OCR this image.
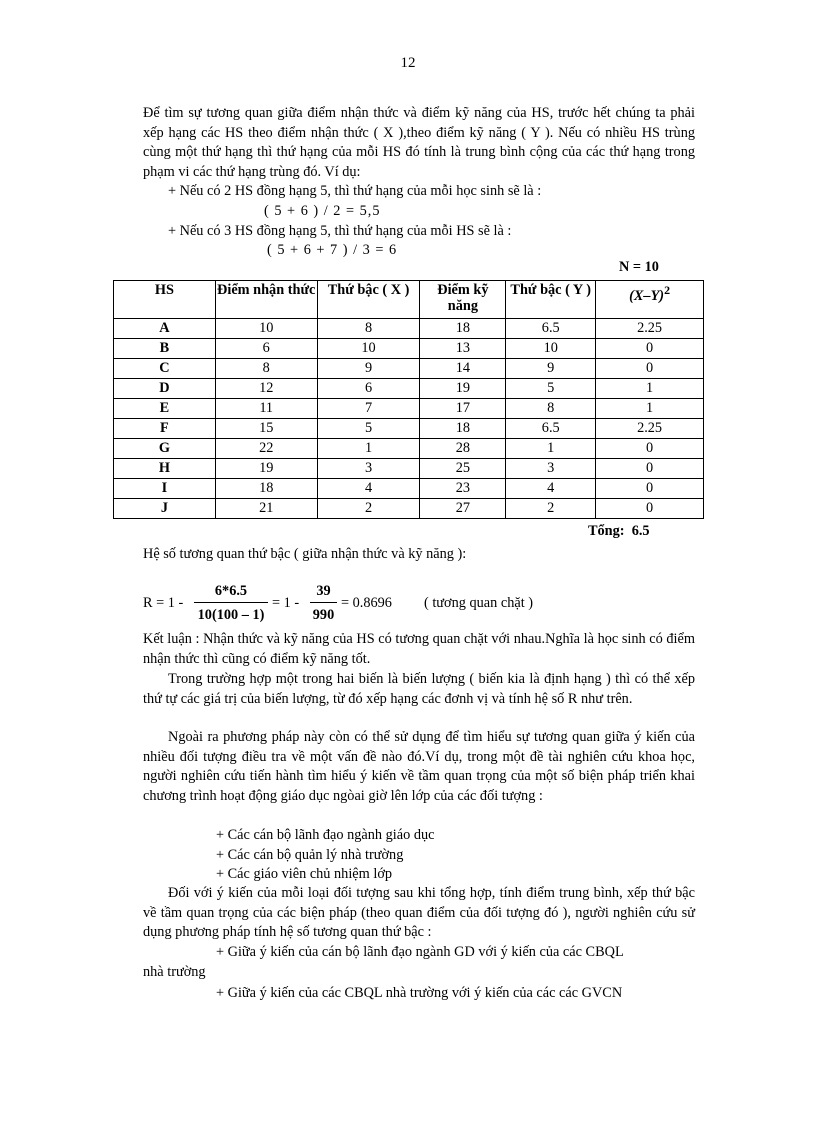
12

Để tìm sự tương quan giữa điểm nhận thức và điểm kỹ năng của HS, trước hết chúng ta phải xếp hạng các HS theo điểm nhận thức ( X ),theo điểm kỹ năng ( Y ). Nếu có nhiều HS trùng cùng một thứ hạng thì thứ hạng của mỗi HS đó tính là trung bình cộng của các thứ hạng trong phạm vi các thứ hạng trùng đó. Ví dụ:

+ Nếu có 2 HS đồng hạng 5, thì thứ hạng của mỗi học sinh sẽ là :
( 5 + 6 ) / 2 = 5,5
+ Nếu có 3 HS đồng hạng 5, thì thứ hạng của mỗi HS sẽ là :
( 5 + 6 + 7 ) / 3 = 6
N = 10
HS	Điểm nhận thức	Thứ bậc ( X )	Điểm kỹ năng	Thứ bậc ( Y )	$(X-Y)^2$
A	10	8	18	6.5	2.25
B	6	10	13	10	0
C	8	9	14	9	0
D	12	6	19	5	1
E	11	7	17	8	1
F	15	5	18	6.5	2.25
G	22	1	28	1	0
H	19	3	25	3	0
I	18	4	23	4	0
J	21	2	27	2	0
Tổng: 6.5
Hệ số tương quan thứ bậc ( giữa nhận thức và kỹ năng ):
R = 1 -
6*6.5
10(100 – 1)
= 1 -
39
990
= 0.8696 ( tương quan chặt )

Kết luận : Nhận thức và kỹ năng của HS có tương quan chặt với nhau.Nghĩa là học sinh có điểm nhận thức thì cũng có điểm kỹ năng tốt.

Trong trường hợp một trong hai biến là biến lượng ( biến kia là định hạng ) thì có thể xếp thứ tự các giá trị của biến lượng, từ đó xếp hạng các đơnh vị và tính hệ số R như trên.

Ngoài ra phương pháp này còn có thể sử dụng để tìm hiểu sự tương quan giữa ý kiến của nhiều đối tượng điều tra về một vấn đề nào đó.Ví dụ, trong một đề tài nghiên cứu khoa học, người nghiên cứu tiến hành tìm hiểu ý kiến về tầm quan trọng của một số biện pháp triển khai chương trình hoạt động giáo dục ngòai giờ lên lớp của các đối tượng :

+ Các cán bộ lãnh đạo ngành giáo dục
+ Các cán bộ quản lý nhà trường
+ Các giáo viên chủ nhiệm lớp

Đối với ý kiến của mỗi loại đối tượng sau khi tổng hợp, tính điểm trung bình, xếp thứ bậc về tầm quan trọng của các biện pháp (theo quan điểm của đối tượng đó ), người nghiên cứu sử dụng phương pháp tính hệ số tương quan thứ bậc :

+ Giữa ý kiến của cán bộ lãnh đạo ngành GD với ý kiến của các CBQL
nhà trường
+ Giữa ý kiến của các CBQL nhà trường với ý kiến của các các GVCN
